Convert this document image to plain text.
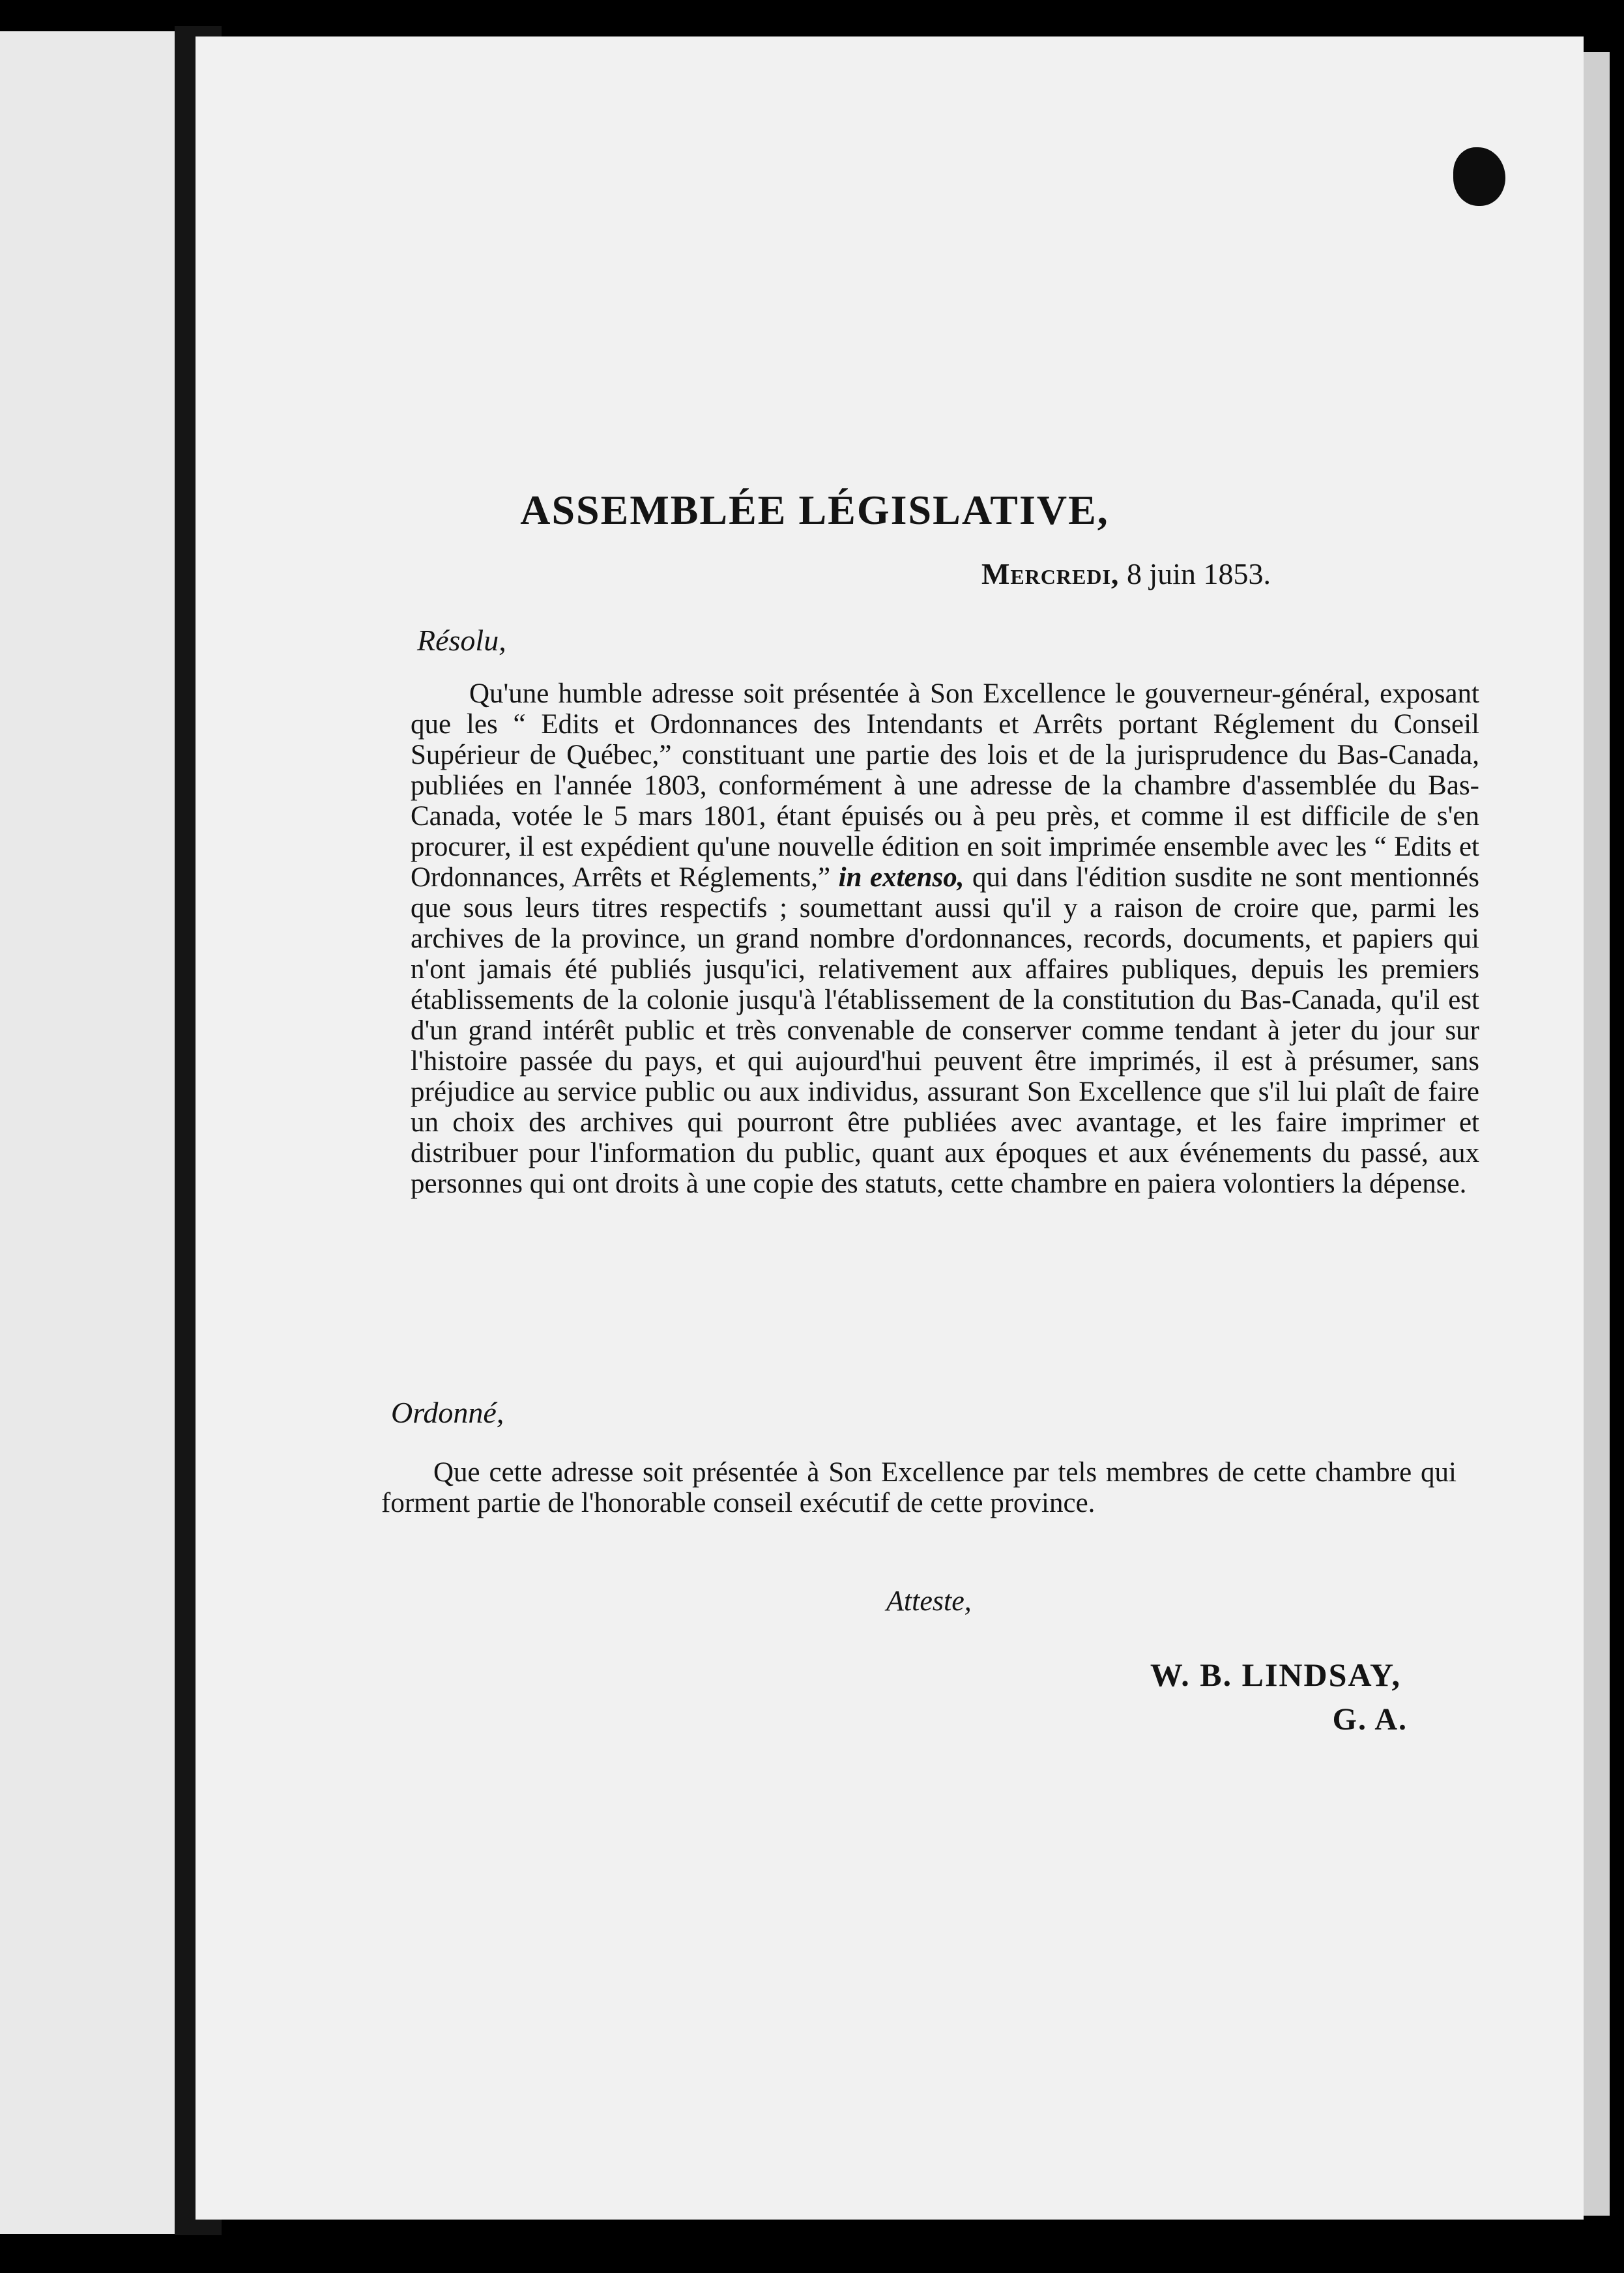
ASSEMBLÉE LÉGISLATIVE,
Mercredi, 8 juin 1853.
Résolu,
Qu'une humble adresse soit présentée à Son Excellence le gouverneur-général, exposant que les “ Edits et Ordonnances des Intendants et Arrêts portant Réglement du Conseil Supérieur de Québec,” constituant une partie des lois et de la jurisprudence du Bas-Canada, publiées en l'année 1803, conformément à une adresse de la chambre d'assemblée du Bas-Canada, votée le 5 mars 1801, étant épuisés ou à peu près, et comme il est difficile de s'en procurer, il est expédient qu'une nouvelle édition en soit imprimée ensemble avec les “ Edits et Ordonnances, Arrêts et Réglements,” in extenso, qui dans l'édition susdite ne sont mentionnés que sous leurs titres respectifs ; soumettant aussi qu'il y a raison de croire que, parmi les archives de la province, un grand nombre d'ordonnances, records, documents, et papiers qui n'ont jamais été publiés jusqu'ici, relativement aux affaires publiques, depuis les premiers établissements de la colonie jusqu'à l'établissement de la constitution du Bas-Canada, qu'il est d'un grand intérêt public et très convenable de conserver comme tendant à jeter du jour sur l'histoire passée du pays, et qui aujourd'hui peuvent être imprimés, il est à présumer, sans préjudice au service public ou aux individus, assurant Son Excellence que s'il lui plaît de faire un choix des archives qui pourront être publiées avec avantage, et les faire imprimer et distribuer pour l'information du public, quant aux époques et aux événements du passé, aux personnes qui ont droits à une copie des statuts, cette chambre en paiera volontiers la dépense.
Ordonné,
Que cette adresse soit présentée à Son Excellence par tels membres de cette chambre qui forment partie de l'honorable conseil exécutif de cette province.
Atteste,
W. B. LINDSAY,
G. A.
